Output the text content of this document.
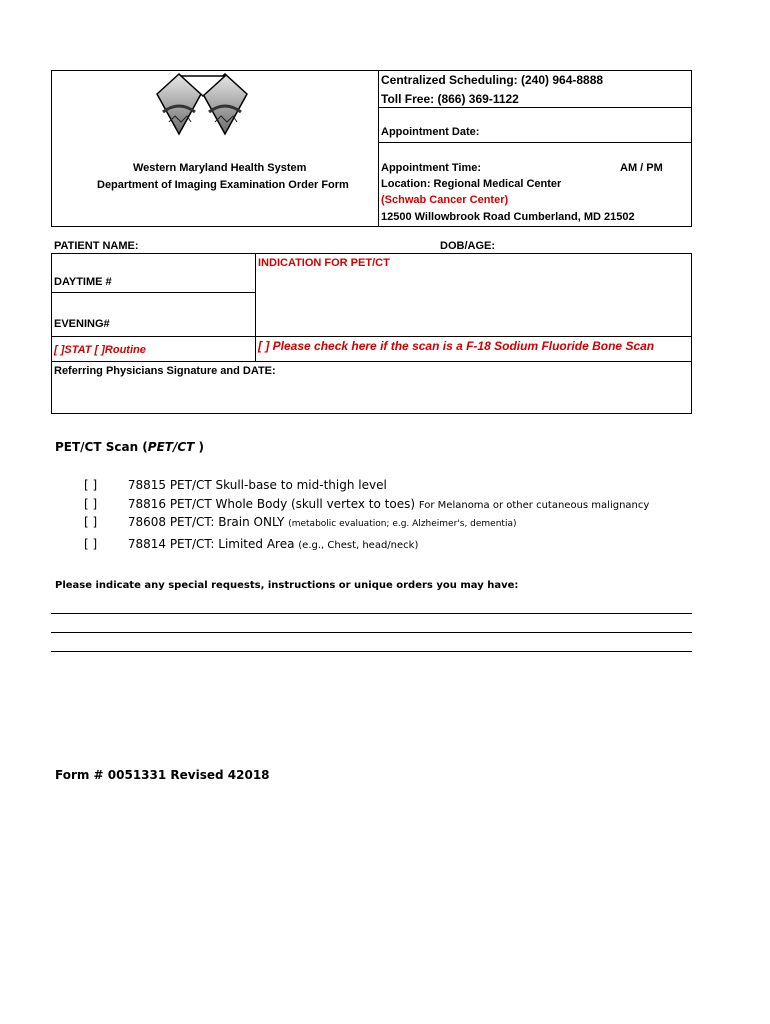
Western Maryland Health System
Department of Imaging Examination Order Form
Centralized Scheduling: (240) 964-8888
Toll Free: (866) 369-1122
Appointment Date:
Appointment Time:	AM / PM
Location: Regional Medical Center
(Schwab Cancer Center)
12500 Willowbrook Road Cumberland, MD 21502
PATIENT NAME:	DOB/AGE:
DAYTIME #
EVENING#
[ ]STAT [ ]Routine
INDICATION FOR PET/CT
[ ] Please check here if the scan is a F-18 Sodium Fluoride Bone Scan
Referring Physicians Signature and DATE:
PET/CT Scan (PET/CT )
[ ]	78815 PET/CT Skull-base to mid-thigh level
[ ]	78816 PET/CT Whole Body (skull vertex to toes) For Melanoma or other cutaneous malignancy
[ ]	78608 PET/CT: Brain ONLY (metabolic evaluation; e.g. Alzheimer's, dementia)
[ ]	78814 PET/CT: Limited Area (e.g., Chest, head/neck)
Please indicate any special requests, instructions or unique orders you may have:
Form # 0051331 Revised 42018
